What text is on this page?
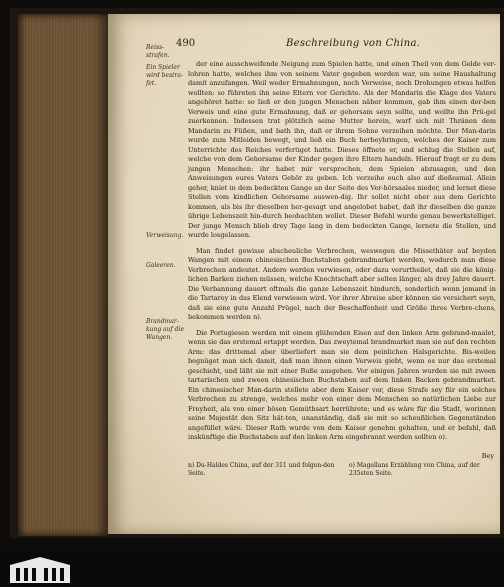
490	Beschreibung von China.
Reiss-strafen.
Ein Spieler wird bestra-fet.
Verweisung.
Galeeren.
Brandmar-kung auf die Wangen.

der eine ausschweifende Neigung zum Spielen hatte, und einen Theil von dem Gelde ver-lohren hatte, welches ihm von seinem Vater gegeben worden war, um seine Haushaltung damit anzufangen. Weil weder Ermahnungen, noch Verweise, noch Drohungen etwas helfen wollten: so führeten ihn seine Eltern vor Gerichte. Als der Mandarin die Klage des Vaters angehöret hatte: so ließ er den jungen Menschen näher kommen, gab ihm einen der-ben Verweis und eine gute Ermahnung, daß er gehorsam seyn sollte, und wollte ihn Prü-gel zuerkennen. Indessen trat plötzlich seine Mutter herein, warf sich mit Thränen dem Mandarin zu Füßen, und bath ihn, daß er ihrem Sohne verzeihen möchte. Der Man-darin wurde zum Mitleiden bewegt, und ließ ein Buch herbeybringen, welches der Kaiser zum Unterrichte des Reiches verfertiget hatte. Dieses öffnete er, und schlug die Stellen auf, welche von dem Gehorsame der Kinder gegen ihre Eltern handeln. Hierauf fragt er zu dem jungen Menschen: ihr habet mir versprochen, dem Spielen abzusagen, und den Anweisungen eures Vaters Gehör zu geben. Ich verzeihe euch also auf dießesmal. Allein geher, kniet in dem bedeckten Gange an der Seite des Ver-hörsaales nieder, und lernet diese Stellen vom kindlichen Gehorsame auswen-dig. Ihr sollet nicht eher aus dem Gerichte kommen, als bis ihr dieselben her-gesagt und angelobet habet, daß ihr dieselben die ganze übrige Lebenszeit hin-durch beobachten wollet. Dieser Befehl wurde genau bewerkstelliget. Der junge Mensch blieb drey Tage lang in dem bedeckten Gange, lernete die Stellen, und wurde losgelassen.

Man findet gewisse abscheuliche Verbrechen, weswegen die Missethäter auf beyden Wangen mit einem chinesischen Buchstaben gebrandmarket werden, wodurch man diese Verbrechen andeutet. Andere werden verwiesen, oder dazu verurtheilet, daß sie die könig-lichen Barken ziehen müssen, welche Knechtschaft aber selten länger, als drey Jahre dauert. Die Verbannung dauert oftmals die ganze Lebenszeit hindurch, sonderlich wenn jemand in die Tartarey in das Elend verwiesen wird. Vor ihrer Abreise aber können sie versichert seyn, daß sie eine gute Anzahl Prügel, nach der Beschaffenheit und Größe ihres Verbre-chens, bekommen werden n).

Die Portugiesen werden mit einem glühenden Eisen auf den linken Arm gebrand-maalet, wenn sie das erstemal ertappt werden. Das zweytemal brandmarket man sie auf den rechten Arm: das drittemal aber überliefert man sie dem peinlichen Halsgerichte. Bis-weilen begnüget man sich damit, daß man ihnen einen Verweis giebt, wenn es nur das erstemal geschieht, und läßt sie mit einer Buße ausgehen. Vor einigen Jahren wurden sie mit zween tartarischen und zween chinesischen Buchstaben auf dem linken Backen gebrandmarket. Ein chinesischer Man-darin stellete aber dem Kaiser vor, diese Strafe sey für ein solches Verbrechen zu strenge, welches mehr von einer dem Menschen so natürlichen Liebe zur Freyheit, als von einer bösen Gemüthsart herrührete; und es wäre für die Stadt, worinnen seine Majestät den Sitz hät-ten, unanständig, daß sie mit so scheußlichen Gegenständen angefüllet wäre. Dieser Rath wurde von dem Kaiser genehm gehalten, und er befahl, daß inskünftige die Buchstaben auf den linken Arm eingebrannt werden sollten o).

Bey
n) Du-Haldes China, auf der 311 und folgen-den Seite.
o) Magellans Erzählung von China, auf der 235sten Seite.
